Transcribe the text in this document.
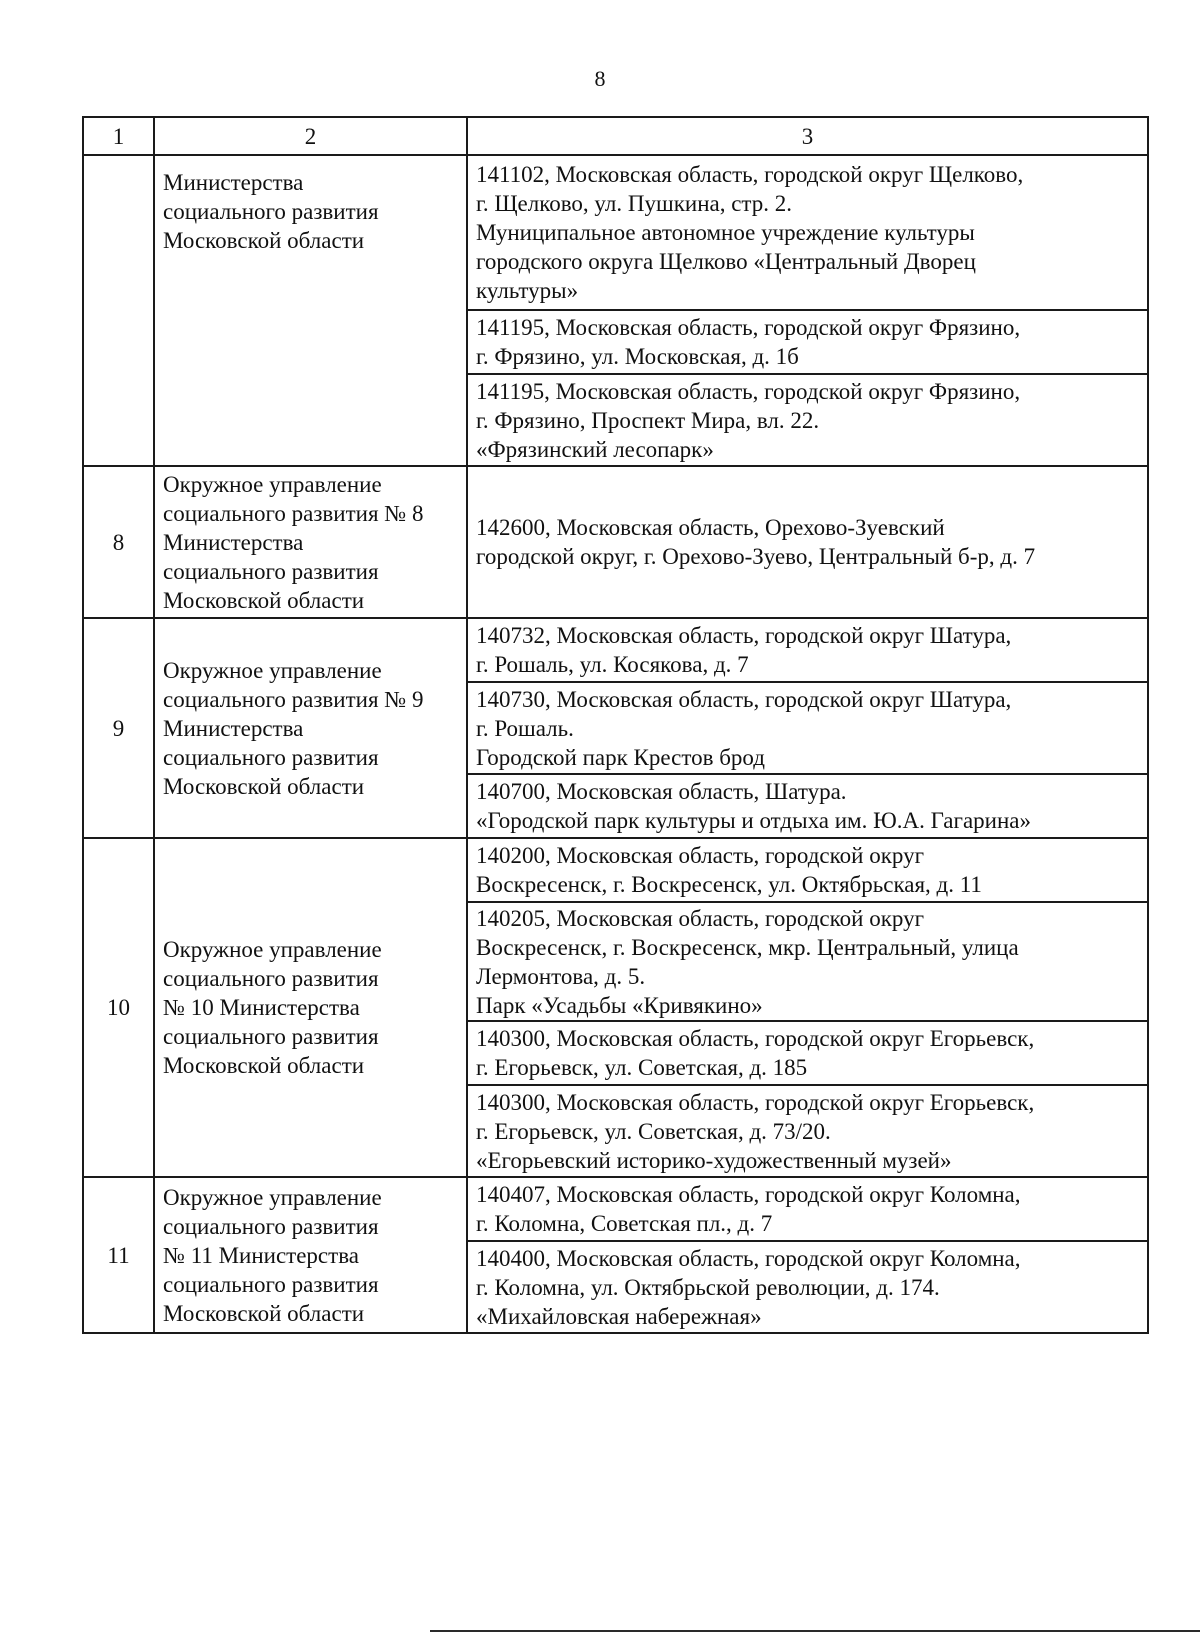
8
1	2	3

	Министерства
социального развития
Московской области	141102, Московская область, городской округ Щелково,
г. Щелково, ул. Пушкина, стр. 2.
Муниципальное автономное учреждение культуры
городского округа Щелково «Центральный Дворец
культуры»

		141195, Московская область, городской округ Фрязино,
г. Фрязино, ул. Московская, д. 1б

		141195, Московская область, городской округ Фрязино,
г. Фрязино, Проспект Мира, вл. 22.
«Фрязинский лесопарк»

8	Окружное управление
социального развития № 8
Министерства
социального развития
Московской области	142600, Московская область, Орехово-Зуевский
городской округ, г. Орехово-Зуево, Центральный б-р, д. 7

9	Окружное управление
социального развития № 9
Министерства
социального развития
Московской области	140732, Московская область, городской округ Шатура,
г. Рошаль, ул. Косякова, д. 7

		140730, Московская область, городской округ Шатура,
г. Рошаль.
Городской парк Крестов брод

		140700, Московская область, Шатура.
«Городской парк культуры и отдыха им. Ю.А. Гагарина»

10	Окружное управление
социального развития
№ 10 Министерства
социального развития
Московской области	140200, Московская область, городской округ
Воскресенск, г. Воскресенск, ул. Октябрьская, д. 11

		140205, Московская область, городской округ
Воскресенск, г. Воскресенск, мкр. Центральный, улица
Лермонтова, д. 5.
Парк «Усадьбы «Кривякино»

		140300, Московская область, городской округ Егорьевск,
г. Егорьевск, ул. Советская, д. 185

		140300, Московская область, городской округ Егорьевск,
г. Егорьевск, ул. Советская, д. 73/20.
«Егорьевский историко-художественный музей»

11	Окружное управление
социального развития
№ 11 Министерства
социального развития
Московской области	140407, Московская область, городской округ Коломна,
г. Коломна, Советская пл., д. 7

		140400, Московская область, городской округ Коломна,
г. Коломна, ул. Октябрьской революции, д. 174.
«Михайловская набережная»
